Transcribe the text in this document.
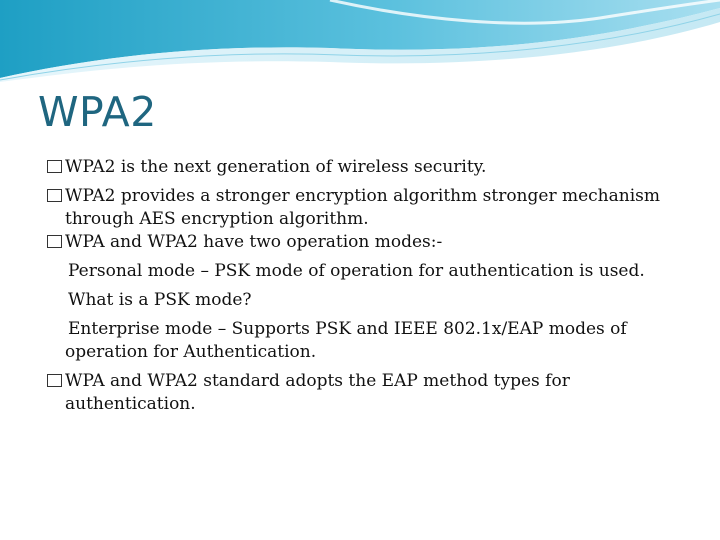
WPA2
WPA2 is the next generation of wireless security.
WPA2 provides a stronger encryption algorithm stronger mechanism
through AES encryption algorithm.
WPA and WPA2 have two operation modes:-
Personal mode – PSK mode of operation for authentication is used.
What is a PSK mode?
Enterprise mode – Supports PSK and IEEE 802.1x/EAP modes of
operation for Authentication.
WPA and WPA2 standard adopts the EAP method types for
authentication.
